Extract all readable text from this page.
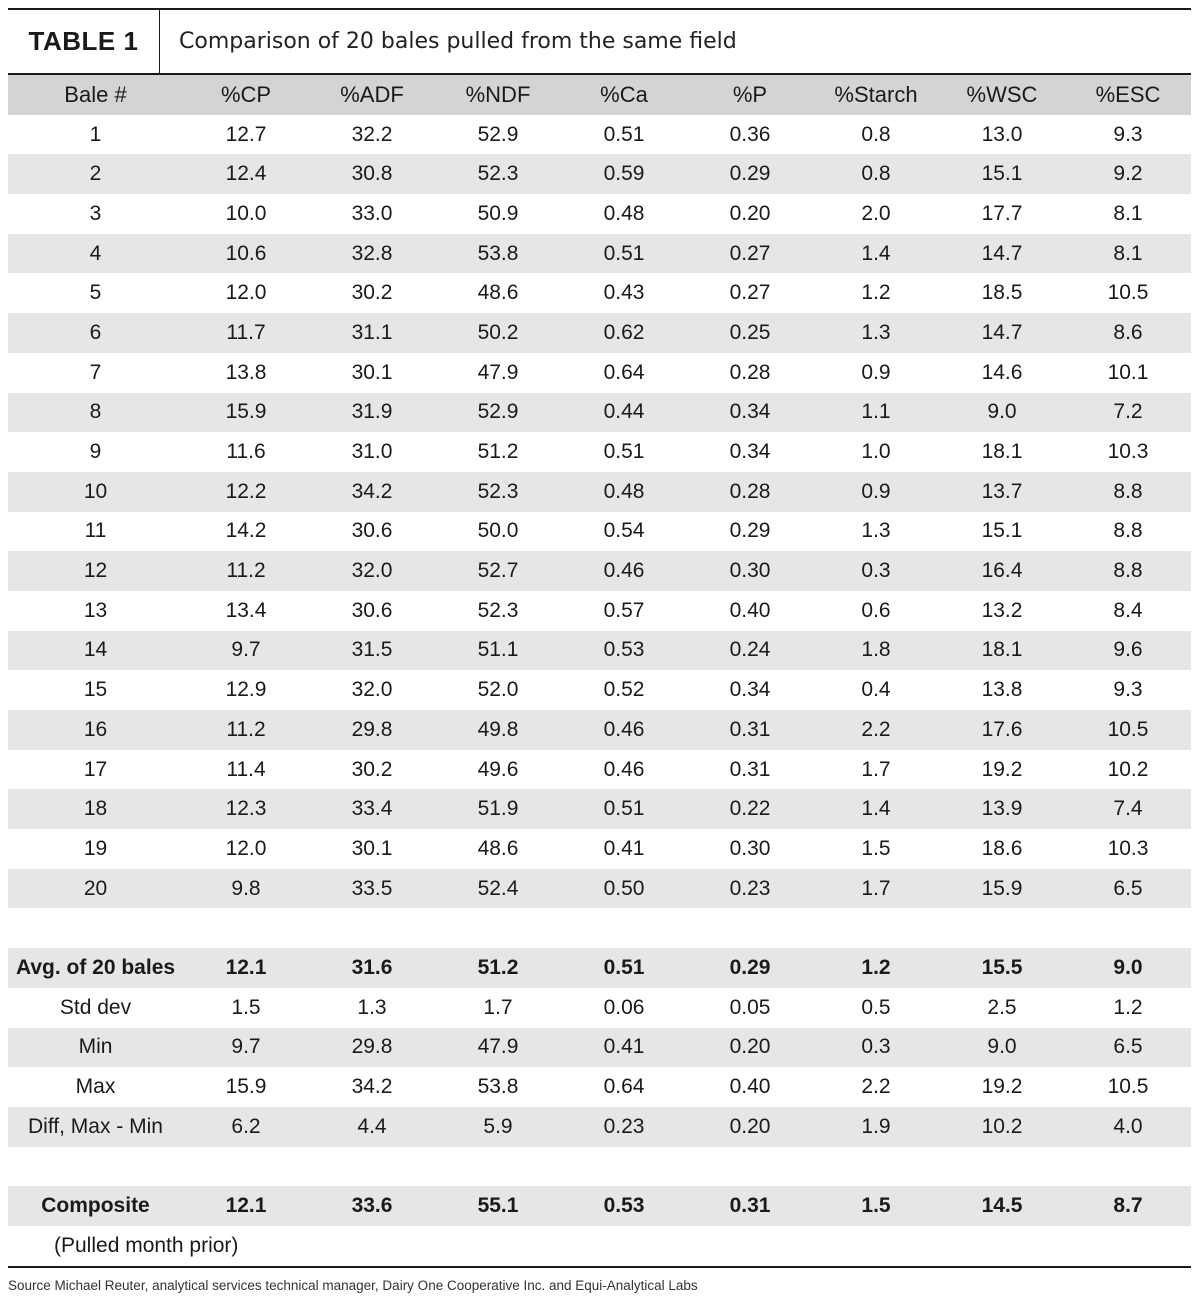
TABLE 1	Comparison of 20 bales pulled from the same field
Bale #	%CP	%ADF	%NDF	%Ca	%P	%Starch	%WSC	%ESC
1	12.7	32.2	52.9	0.51	0.36	0.8	13.0	9.3
2	12.4	30.8	52.3	0.59	0.29	0.8	15.1	9.2
3	10.0	33.0	50.9	0.48	0.20	2.0	17.7	8.1
4	10.6	32.8	53.8	0.51	0.27	1.4	14.7	8.1
5	12.0	30.2	48.6	0.43	0.27	1.2	18.5	10.5
6	11.7	31.1	50.2	0.62	0.25	1.3	14.7	8.6
7	13.8	30.1	47.9	0.64	0.28	0.9	14.6	10.1
8	15.9	31.9	52.9	0.44	0.34	1.1	9.0	7.2
9	11.6	31.0	51.2	0.51	0.34	1.0	18.1	10.3
10	12.2	34.2	52.3	0.48	0.28	0.9	13.7	8.8
11	14.2	30.6	50.0	0.54	0.29	1.3	15.1	8.8
12	11.2	32.0	52.7	0.46	0.30	0.3	16.4	8.8
13	13.4	30.6	52.3	0.57	0.40	0.6	13.2	8.4
14	9.7	31.5	51.1	0.53	0.24	1.8	18.1	9.6
15	12.9	32.0	52.0	0.52	0.34	0.4	13.8	9.3
16	11.2	29.8	49.8	0.46	0.31	2.2	17.6	10.5
17	11.4	30.2	49.6	0.46	0.31	1.7	19.2	10.2
18	12.3	33.4	51.9	0.51	0.22	1.4	13.9	7.4
19	12.0	30.1	48.6	0.41	0.30	1.5	18.6	10.3
20	9.8	33.5	52.4	0.50	0.23	1.7	15.9	6.5

Avg. of 20 bales	12.1	31.6	51.2	0.51	0.29	1.2	15.5	9.0
Std dev	1.5	1.3	1.7	0.06	0.05	0.5	2.5	1.2
Min	9.7	29.8	47.9	0.41	0.20	0.3	9.0	6.5
Max	15.9	34.2	53.8	0.64	0.40	2.2	19.2	10.5
Diff, Max - Min	6.2	4.4	5.9	0.23	0.20	1.9	10.2	4.0

Composite	12.1	33.6	55.1	0.53	0.31	1.5	14.5	8.7
(Pulled month prior)								
Source Michael Reuter, analytical services technical manager, Dairy One Cooperative Inc. and Equi-Analytical Labs
